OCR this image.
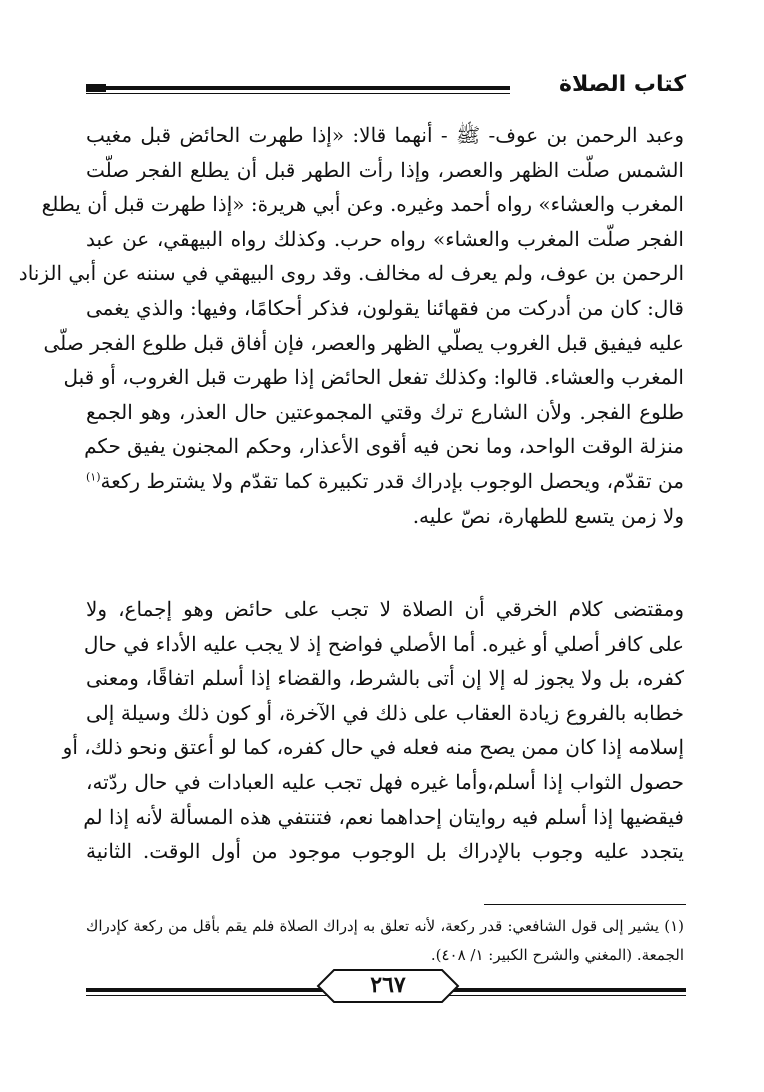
كتاب الصلاة
وعبد الرحمن بن عوف- ﷺ - أنهما قالا: «إذا طهرت الحائض قبل مغيب
الشمس صلّت الظهر والعصر، وإذا رأت الطهر قبل أن يطلع الفجر صلّت
المغرب والعشاء» رواه أحمد وغيره. وعن أبي هريرة: «إذا طهرت قبل أن يطلع
الفجر صلّت المغرب والعشاء» رواه حرب. وكذلك رواه البيهقي، عن عبد
الرحمن بن عوف، ولم يعرف له مخالف. وقد روى البيهقي في سننه عن أبي الزناد
قال: كان من أدركت من فقهائنا يقولون، فذكر أحكامًا، وفيها: والذي يغمى
عليه فيفيق قبل الغروب يصلّي الظهر والعصر، فإن أفاق قبل طلوع الفجر صلّى
المغرب والعشاء. قالوا: وكذلك تفعل الحائض إذا طهرت قبل الغروب، أو قبل
طلوع الفجر. ولأن الشارع ترك وقتي المجموعتين حال العذر، وهو الجمع
منزلة الوقت الواحد، وما نحن فيه أقوى الأعذار، وحكم المجنون يفيق حكم
من تقدّم، ويحصل الوجوب بإدراك قدر تكبيرة كما تقدّم ولا يشترط ركعة$^{(١)}$
ولا زمن يتسع للطهارة، نصّ عليه.
ومقتضى كلام الخرقي أن الصلاة لا تجب على حائض وهو إجماع، ولا
على كافر أصلي أو غيره. أما الأصلي فواضح إذ لا يجب عليه الأداء في حال
كفره، بل ولا يجوز له إلا إن أتى بالشرط، والقضاء إذا أسلم اتفاقًا، ومعنى
خطابه بالفروع زيادة العقاب على ذلك في الآخرة، أو كون ذلك وسيلة إلى
إسلامه إذا كان ممن يصح منه فعله في حال كفره، كما لو أعتق ونحو ذلك، أو
حصول الثواب إذا أسلم،وأما غيره فهل تجب عليه العبادات في حال ردّته،
فيقضيها إذا أسلم فيه روايتان إحداهما نعم، فتنتفي هذه المسألة لأنه إذا لم
يتجدد عليه وجوب بالإدراك بل الوجوب موجود من أول الوقت. الثانية
(١) يشير إلى قول الشافعي: قدر ركعة، لأنه تعلق به إدراك الصلاة فلم يقم بأقل من ركعة كإدراك
الجمعة. (المغني والشرح الكبير: ١/ ٤٠٨).
٢٦٧
